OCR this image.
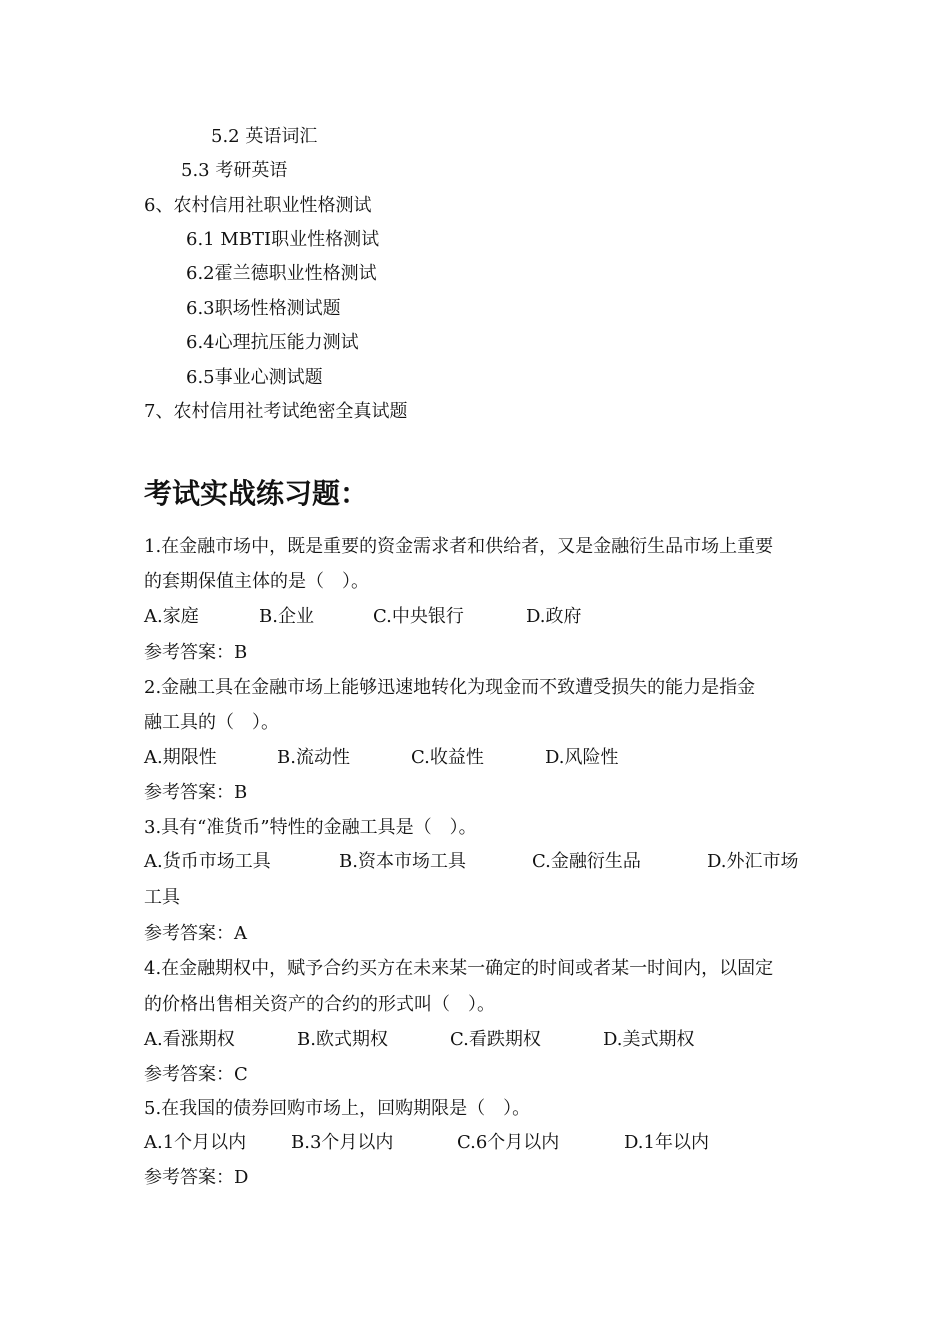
5.2 英语词汇
5.3 考研英语
6、农村信用社职业性格测试
6.1 MBTI职业性格测试
6.2霍兰德职业性格测试
6.3职场性格测试题
6.4心理抗压能力测试
6.5事业心测试题
7、农村信用社考试绝密全真试题
考试实战练习题：
1.在金融市场中，既是重要的资金需求者和供给者，又是金融衍生品市场上重要
的套期保值主体的是（　）。
A.家庭	B.企业	C.中央银行	D.政府
参考答案：B
2.金融工具在金融市场上能够迅速地转化为现金而不致遭受损失的能力是指金
融工具的（　）。
A.期限性	B.流动性	C.收益性	D.风险性
参考答案：B
3.具有“准货币”特性的金融工具是（　）。
A.货币市场工具	B.资本市场工具	C.金融衍生品	D.外汇市场
工具
参考答案：A
4.在金融期权中，赋予合约买方在未来某一确定的时间或者某一时间内，以固定
的价格出售相关资产的合约的形式叫（　）。
A.看涨期权	B.欧式期权	C.看跌期权	D.美式期权
参考答案：C
5.在我国的债券回购市场上，回购期限是（　）。
A.1个月以内 B.3个月以内	C.6个月以内	D.1年以内
参考答案：D
